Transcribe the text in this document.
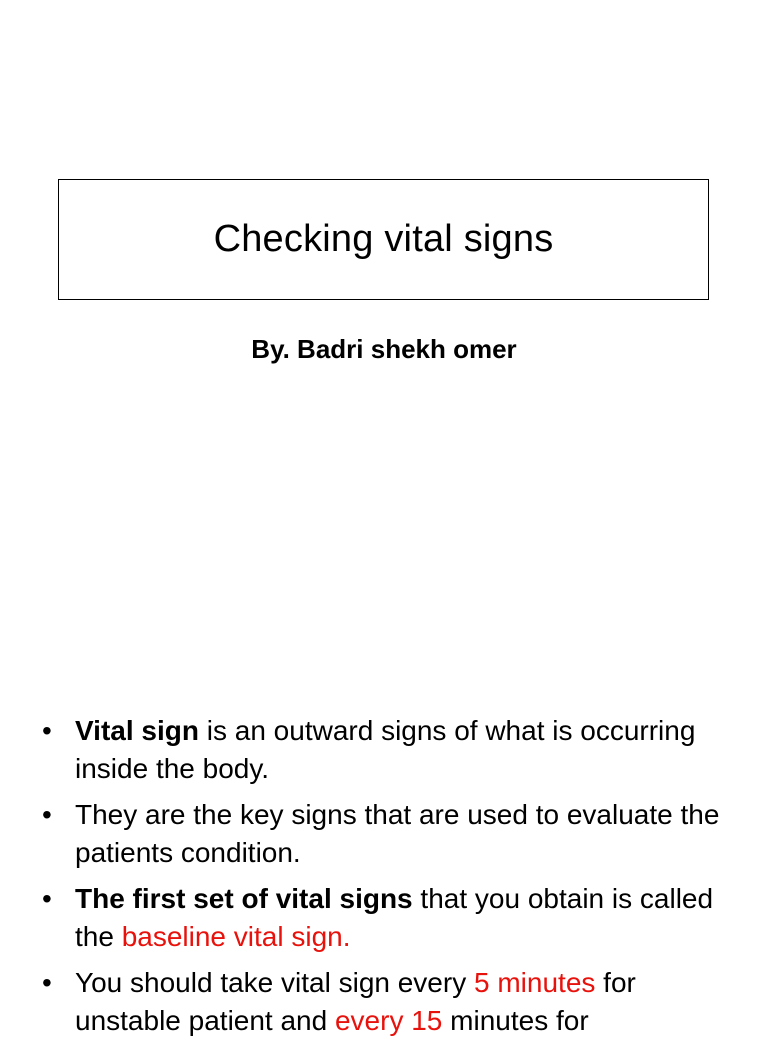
Checking vital signs
By. Badri shekh omer
• Vital sign is an outward signs of what is occurring inside the body.
• They are the key signs that are used to evaluate the patients condition.
• The first set of vital signs that you obtain is called the baseline vital sign.
• You should take vital sign every 5 minutes for unstable patient and every 15 minutes for
